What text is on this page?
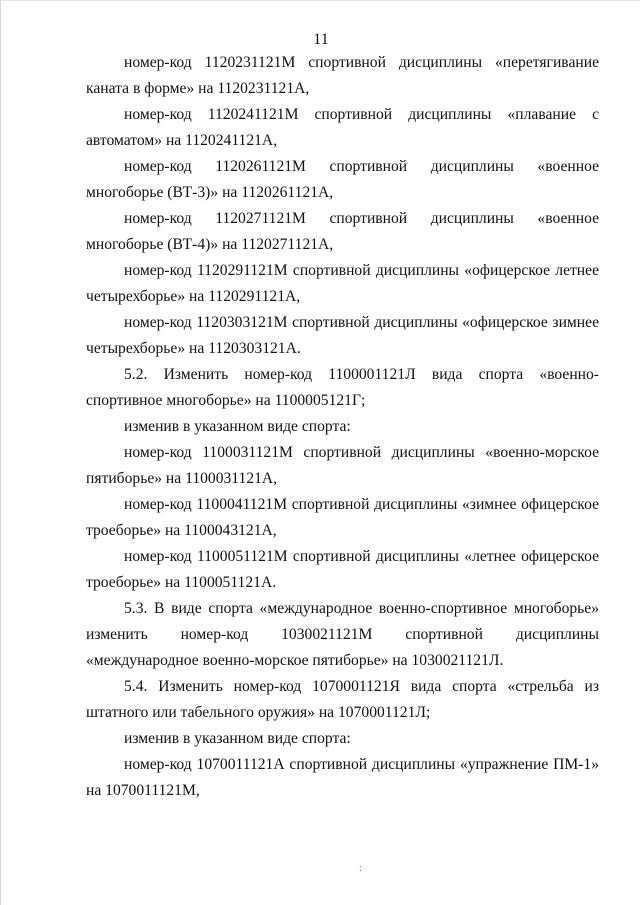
11

номер-код 1120231121М спортивной дисциплины «перетягивание каната в форме» на 1120231121А,

номер-код 1120241121М спортивной дисциплины «плавание с автоматом» на 1120241121А,

номер-код 1120261121М спортивной дисциплины «военное многоборье (ВТ-3)» на 1120261121А,

номер-код 1120271121М спортивной дисциплины «военное многоборье (ВТ-4)» на 1120271121А,

номер-код 1120291121М спортивной дисциплины «офицерское летнее четырехборье» на 1120291121А,

номер-код 1120303121М спортивной дисциплины «офицерское зимнее четырехборье» на 1120303121А.

5.2. Изменить номер-код 1100001121Л вида спорта «военно-спортивное многоборье» на 1100005121Г;

изменив в указанном виде спорта:

номер-код 1100031121М спортивной дисциплины «военно-морское пятиборье» на 1100031121А,

номер-код 1100041121М спортивной дисциплины «зимнее офицерское троеборье» на 1100043121А,

номер-код 1100051121М спортивной дисциплины «летнее офицерское троеборье» на 1100051121А.

5.3. В виде спорта «международное военно-спортивное многоборье» изменить номер-код 1030021121М спортивной дисциплины «международное военно-морское пятиборье» на 1030021121Л.

5.4. Изменить номер-код 1070001121Я вида спорта «стрельба из штатного или табельного оружия» на 1070001121Л;

изменив в указанном виде спорта:

номер-код 1070011121А спортивной дисциплины «упражнение ПМ-1» на 1070011121М,

:
